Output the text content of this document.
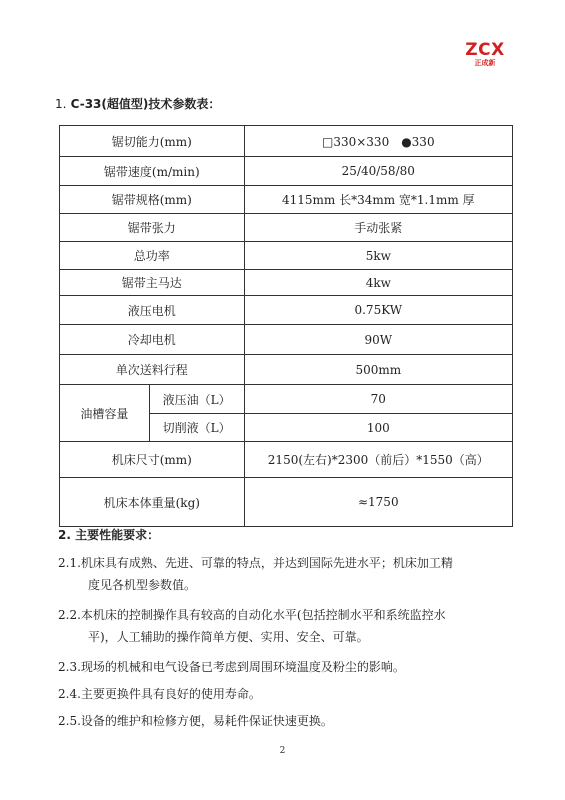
ZCX
正成新
1. C-33(超值型)技术参数表：
锯切能力(mm)		□330×330　●330
锯带速度(m/min)		25/40/58/80
锯带规格(mm)		4115mm 长*34mm 宽*1.1mm 厚
锯带张力		手动张紧
总功率		5kw
锯带主马达		4kw
液压电机		0.75KW
冷却电机		90W
单次送料行程		500mm
油槽容量	液压油（L）	70
	切削液（L）	100
机床尺寸(mm)		2150(左右)*2300（前后）*1550（高）
机床本体重量(kg)		≈1750
2. 主要性能要求：
2.1.机床具有成熟、先进、可靠的特点，并达到国际先进水平；机床加工精
度见各机型参数值。
2.2.本机床的控制操作具有较高的自动化水平(包括控制水平和系统监控水
平)，人工辅助的操作简单方便、实用、安全、可靠。
2.3.现场的机械和电气设备已考虑到周围环境温度及粉尘的影响。
2.4.主要更换件具有良好的使用寿命。
2.5.设备的维护和检修方便，易耗件保证快速更换。
2
